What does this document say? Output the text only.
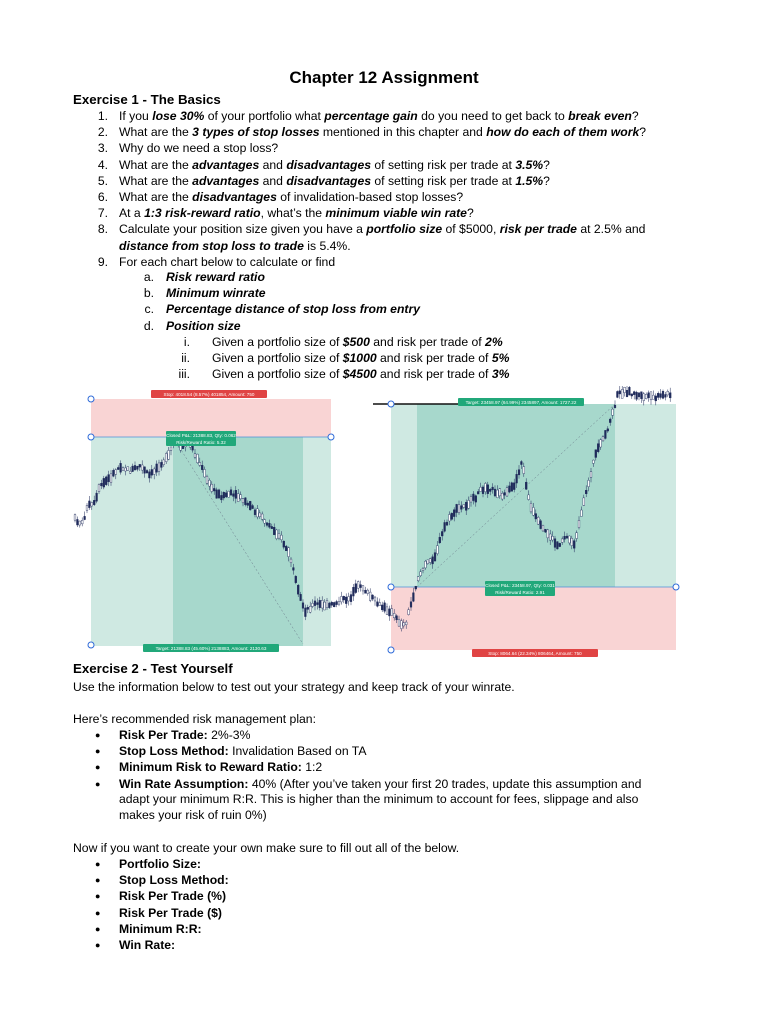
Chapter 12 Assignment
Exercise 1 - The Basics
1. If you lose 30% of your portfolio what percentage gain do you need to get back to break even?
2. What are the 3 types of stop losses mentioned in this chapter and how do each of them work?
3. Why do we need a stop loss?
4. What are the advantages and disadvantages of setting risk per trade at 3.5%?
5. What are the advantages and disadvantages of setting risk per trade at 1.5%?
6. What are the disadvantages of invalidation-based stop losses?
7. At a 1:3 risk-reward ratio, what’s the minimum viable win rate?
8. Calculate your position size given you have a portfolio size of $5000, risk per trade at 2.5% and
distance from stop loss to trade is 5.4%.
9. For each chart below to calculate or find
a. Risk reward ratio
b. Minimum winrate
c. Percentage distance of stop loss from entry
d. Position size
i. Given a portfolio size of $500 and risk per trade of 2%
ii. Given a portfolio size of $1000 and risk per trade of 5%
iii. Given a portfolio size of $4500 and risk per trade of 3%
Stop: 4018.54 (8.57%) 401854, Amount: 750
Closed P&L: 21388.83, Qty: 0.062
Risk/Reward Ratio: 5.32
Target: 21388.83 (45.60%) 2138883, Amount: 2130.63
Target: 23458.97 (64.99%) 2345897, Amount: 1727.22
Closed P&L: 23458.97, Qty: 0.031
Risk/Reward Ratio: 2.91
Stop: 8064.64 (22.34%) 806464, Amount: 750
Exercise 2 - Test Yourself
Use the information below to test out your strategy and keep track of your winrate.
Here’s recommended risk management plan:
● Risk Per Trade: 2%-3%
● Stop Loss Method: Invalidation Based on TA
● Minimum Risk to Reward Ratio: 1:2
● Win Rate Assumption: 40% (After you’ve taken your first 20 trades, update this assumption and
adapt your minimum R:R. This is higher than the minimum to account for fees, slippage and also
makes your risk of ruin 0%)
Now if you want to create your own make sure to fill out all of the below.
● Portfolio Size:
● Stop Loss Method:
● Risk Per Trade (%)
● Risk Per Trade ($)
● Minimum R:R:
● Win Rate:
